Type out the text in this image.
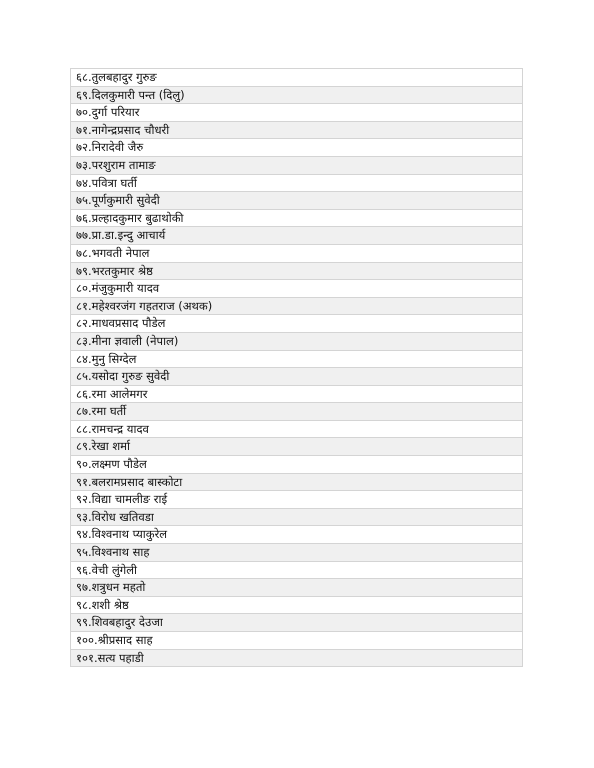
६८.तुलबहादुर गुरुङ
६९.दिलकुमारी पन्त (दिलु)
७०.दुर्गा परियार
७१.नागेन्द्रप्रसाद चौधरी
७२.निरादेवी जैरु
७३.परशुराम तामाङ
७४.पवित्रा घर्ती
७५.पूर्णकुमारी सुवेदी
७६.प्रल्हादकुमार बुढाथोकी
७७.प्रा.डा.इन्दु आचार्य
७८.भगवती नेपाल
७९.भरतकुमार श्रेष्ठ
८०.मंजुकुमारी यादव
८१.महेश्वरजंग गहतराज (अथक)
८२.माधवप्रसाद पौडेल
८३.मीना ज्ञवाली (नेपाल)
८४.मुनु सिग्देल
८५.यसोदा गुरुङ सुवेदी
८६.रमा आलेमगर
८७.रमा घर्ती
८८.रामचन्द्र यादव
८९.रेखा शर्मा
९०.लक्ष्मण पौडेल
९१.बलरामप्रसाद बास्कोटा
९२.विद्या चामलीङ राई
९३.विरोध खतिवडा
९४.विश्वनाथ प्याकुरेल
९५.विश्वनाथ साह
९६.वेची लुंगेली
९७.शत्रुधन महतो
९८.शशी श्रेष्ठ
९९.शिवबहादुर देउजा
१००.श्रीप्रसाद साह
१०१.सत्य पहाडी
